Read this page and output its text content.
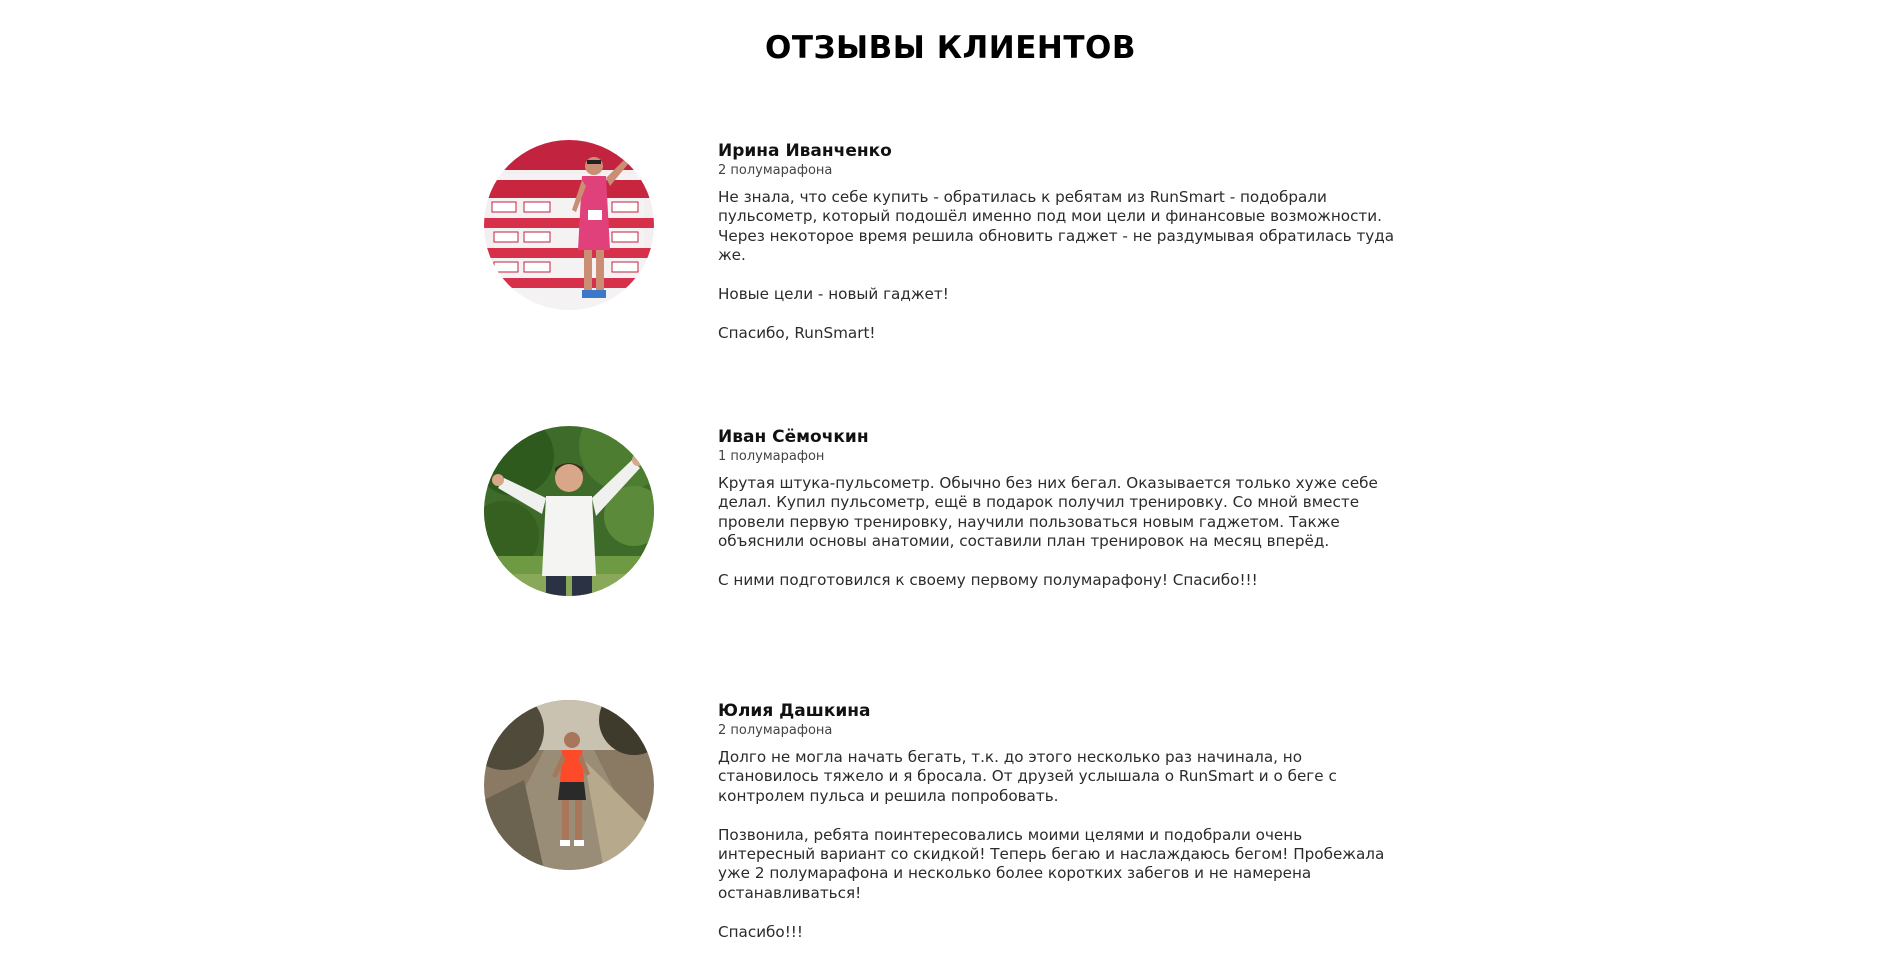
ОТЗЫВЫ КЛИЕНТОВ
Ирина Иванченко
2 полумарафона

Не знала, что себе купить - обратилась к ребятам из RunSmart - подобрали пульсометр, который подошёл именно под мои цели и финансовые возможности. Через некоторое время решила обновить гаджет - не раздумывая обратилась туда же.

Новые цели - новый гаджет!

Спасибо, RunSmart!

Иван Сёмочкин
1 полумарафон

Крутая штука-пульсометр. Обычно без них бегал. Оказывается только хуже себе делал. Купил пульсометр, ещё в подарок получил тренировку. Со мной вместе провели первую тренировку, научили пользоваться новым гаджетом. Также объяснили основы анатомии, составили план тренировок на месяц вперёд.

С ними подготовился к своему первому полумарафону! Спасибо!!!

Юлия Дашкина
2 полумарафона

Долго не могла начать бегать, т.к. до этого несколько раз начинала, но становилось тяжело и я бросала. От друзей услышала о RunSmart и о беге с контролем пульса и решила попробовать.

Позвонила, ребята поинтересовались моими целями и подобрали очень интересный вариант со скидкой! Теперь бегаю и наслаждаюсь бегом! Пробежала уже 2 полумарафона и несколько более коротких забегов и не намерена останавливаться!

Спасибо!!!
